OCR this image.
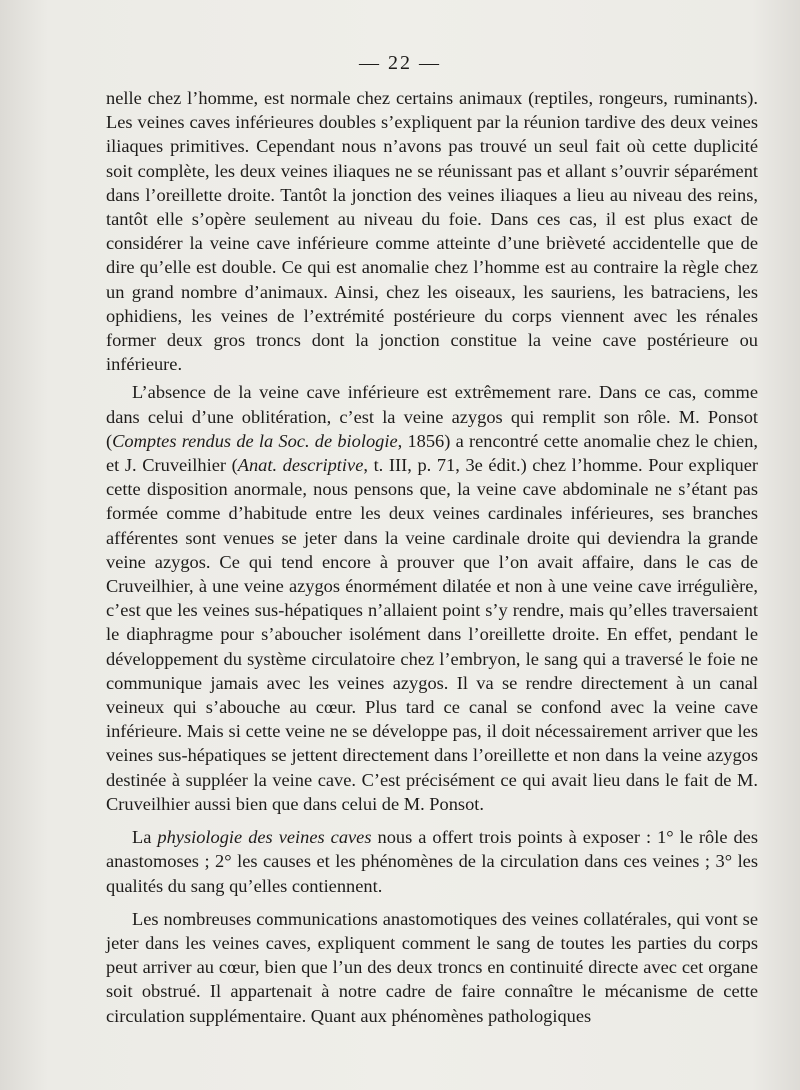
— 22 —

nelle chez l’homme, est normale chez certains animaux (reptiles, rongeurs, ruminants). Les veines caves inférieures doubles s’expliquent par la réunion tardive des deux veines iliaques primitives. Cependant nous n’avons pas trouvé un seul fait où cette duplicité soit complète, les deux veines iliaques ne se réunissant pas et allant s’ouvrir séparément dans l’oreillette droite. Tantôt la jonction des veines iliaques a lieu au niveau des reins, tantôt elle s’opère seulement au niveau du foie. Dans ces cas, il est plus exact de considérer la veine cave inférieure comme atteinte d’une brièveté accidentelle que de dire qu’elle est double. Ce qui est anomalie chez l’homme est au contraire la règle chez un grand nombre d’animaux. Ainsi, chez les oiseaux, les sauriens, les batraciens, les ophidiens, les veines de l’extrémité postérieure du corps viennent avec les rénales former deux gros troncs dont la jonction constitue la veine cave postérieure ou inférieure.

L’absence de la veine cave inférieure est extrêmement rare. Dans ce cas, comme dans celui d’une oblitération, c’est la veine azygos qui remplit son rôle. M. Ponsot (Comptes rendus de la Soc. de biologie, 1856) a rencontré cette anomalie chez le chien, et J. Cruveilhier (Anat. descriptive, t. III, p. 71, 3e édit.) chez l’homme. Pour expliquer cette disposition anormale, nous pensons que, la veine cave abdominale ne s’étant pas formée comme d’habitude entre les deux veines cardinales inférieures, ses branches afférentes sont venues se jeter dans la veine cardinale droite qui deviendra la grande veine azygos. Ce qui tend encore à prouver que l’on avait affaire, dans le cas de Cruveilhier, à une veine azygos énormément dilatée et non à une veine cave irrégulière, c’est que les veines sus-hépatiques n’allaient point s’y rendre, mais qu’elles traversaient le diaphragme pour s’aboucher isolément dans l’oreillette droite. En effet, pendant le développement du système circulatoire chez l’embryon, le sang qui a traversé le foie ne communique jamais avec les veines azygos. Il va se rendre directement à un canal veineux qui s’abouche au cœur. Plus tard ce canal se confond avec la veine cave inférieure. Mais si cette veine ne se développe pas, il doit nécessairement arriver que les veines sus-hépatiques se jettent directement dans l’oreillette et non dans la veine azygos destinée à suppléer la veine cave. C’est précisément ce qui avait lieu dans le fait de M. Cruveilhier aussi bien que dans celui de M. Ponsot.

La physiologie des veines caves nous a offert trois points à exposer : 1° le rôle des anastomoses ; 2° les causes et les phénomènes de la circulation dans ces veines ; 3° les qualités du sang qu’elles contiennent.

Les nombreuses communications anastomotiques des veines collatérales, qui vont se jeter dans les veines caves, expliquent comment le sang de toutes les parties du corps peut arriver au cœur, bien que l’un des deux troncs en continuité directe avec cet organe soit obstrué. Il appartenait à notre cadre de faire connaître le mécanisme de cette circulation supplémentaire. Quant aux phénomènes pathologiques
